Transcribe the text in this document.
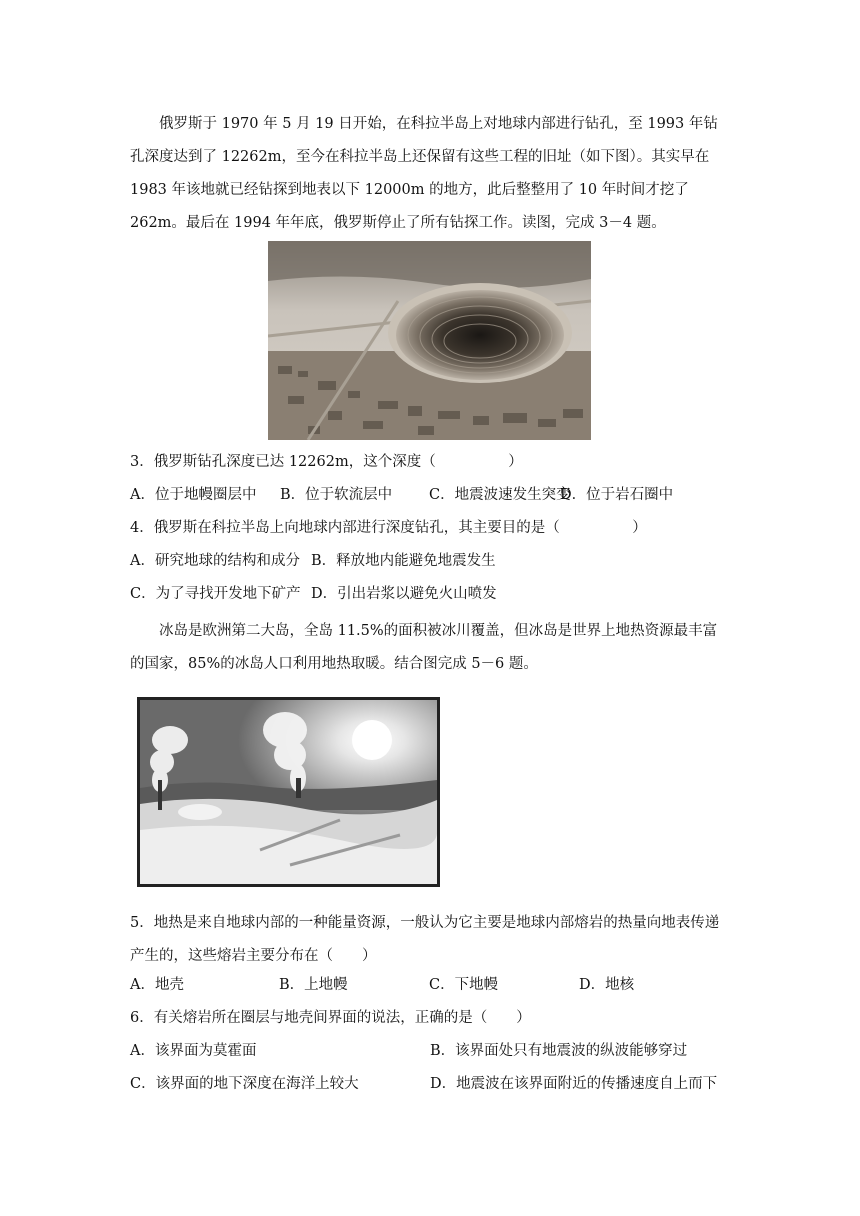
俄罗斯于 1970 年 5 月 19 日开始，在科拉半岛上对地球内部进行钻孔，至 1993 年钻孔深度达到了 12262m，至今在科拉半岛上还保留有这些工程的旧址（如下图）。其实早在 1983 年该地就已经钻探到地表以下 12000m 的地方，此后整整用了 10 年时间才挖了 262m。最后在 1994 年年底，俄罗斯停止了所有钻探工作。读图，完成 3－4 题。

3．俄罗斯钻孔深度已达 12262m，这个深度（　　　　　）

A．位于地幔圈层中 B．位于软流层中	C．地震波速发生突变D．位于岩石圈中

4．俄罗斯在科拉半岛上向地球内部进行深度钻孔，其主要目的是（　　　　　）

A．研究地球的结构和成分 B．释放地内能避免地震发生

C．为了寻找开发地下矿产 D．引出岩浆以避免火山喷发

冰岛是欧洲第二大岛，全岛 11.5%的面积被冰川覆盖，但冰岛是世界上地热资源最丰富的国家，85%的冰岛人口利用地热取暖。结合图完成 5－6 题。

5．地热是来自地球内部的一种能量资源，一般认为它主要是地球内部熔岩的热量向地表传递产生的，这些熔岩主要分布在（　　）

A．地壳	B．上地幔	C．下地幔	D．地核

6．有关熔岩所在圈层与地壳间界面的说法，正确的是（　　）

A．该界面为莫霍面	B．该界面处只有地震波的纵波能够穿过

C．该界面的地下深度在海洋上较大	D．地震波在该界面附近的传播速度自上而下
